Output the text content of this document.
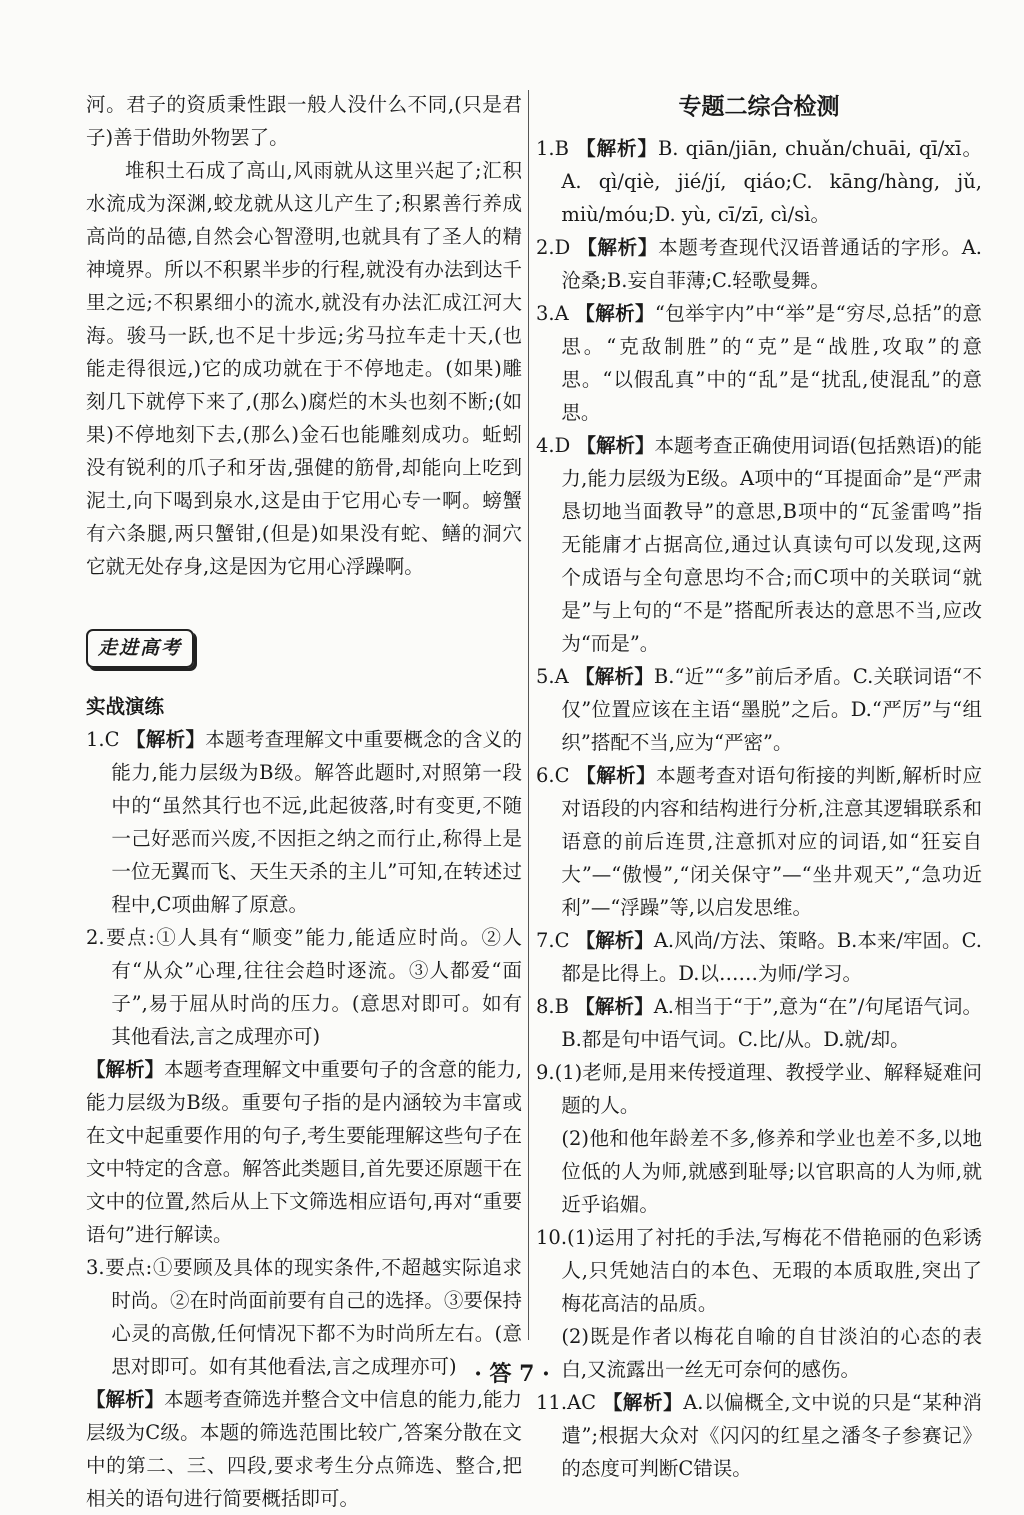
河。君子的资质秉性跟一般人没什么不同,(只是君子)善于借助外物罢了。

堆积土石成了高山,风雨就从这里兴起了;汇积水流成为深渊,蛟龙就从这儿产生了;积累善行养成高尚的品德,自然会心智澄明,也就具有了圣人的精神境界。所以不积累半步的行程,就没有办法到达千里之远;不积累细小的流水,就没有办法汇成江河大海。骏马一跃,也不足十步远;劣马拉车走十天,(也能走得很远,)它的成功就在于不停地走。(如果)雕刻几下就停下来了,(那么)腐烂的木头也刻不断;(如果)不停地刻下去,(那么)金石也能雕刻成功。蚯蚓没有锐利的爪子和牙齿,强健的筋骨,却能向上吃到泥土,向下喝到泉水,这是由于它用心专一啊。螃蟹有六条腿,两只蟹钳,(但是)如果没有蛇、鳝的洞穴它就无处存身,这是因为它用心浮躁啊。

走进高考

实战演练

1.C 【解析】本题考查理解文中重要概念的含义的能力,能力层级为B级。解答此题时,对照第一段中的“虽然其行也不远,此起彼落,时有变更,不随一己好恶而兴废,不因拒之纳之而行止,称得上是一位无翼而飞、天生天杀的主儿”可知,在转述过程中,C项曲解了原意。

2.要点:①人具有“顺变”能力,能适应时尚。②人有“从众”心理,往往会趋时逐流。③人都爱“面子”,易于屈从时尚的压力。(意思对即可。如有其他看法,言之成理亦可)

【解析】本题考查理解文中重要句子的含意的能力,能力层级为B级。重要句子指的是内涵较为丰富或在文中起重要作用的句子,考生要能理解这些句子在文中特定的含意。解答此类题目,首先要还原题干在文中的位置,然后从上下文筛选相应语句,再对“重要语句”进行解读。

3.要点:①要顾及具体的现实条件,不超越实际追求时尚。②在时尚面前要有自己的选择。③要保持心灵的高傲,任何情况下都不为时尚所左右。(意思对即可。如有其他看法,言之成理亦可)

【解析】本题考查筛选并整合文中信息的能力,能力层级为C级。本题的筛选范围比较广,答案分散在文中的第二、三、四段,要求考生分点筛选、整合,把相关的语句进行简要概括即可。

专题二综合检测

1.B 【解析】B. qiān/jiān, chuǎn/chuāi, qī/xī。A. qì/qiè, jié/jí, qiáo;C. kāng/hàng, jǔ, miù/móu;D. yù, cī/zī, cì/sì。

2.D 【解析】本题考查现代汉语普通话的字形。A.沧桑;B.妄自菲薄;C.轻歌曼舞。

3.A 【解析】“包举宇内”中“举”是“穷尽,总括”的意思。“克敌制胜”的“克”是“战胜,攻取”的意思。“以假乱真”中的“乱”是“扰乱,使混乱”的意思。

4.D 【解析】本题考查正确使用词语(包括熟语)的能力,能力层级为E级。A项中的“耳提面命”是“严肃恳切地当面教导”的意思,B项中的“瓦釜雷鸣”指无能庸才占据高位,通过认真读句可以发现,这两个成语与全句意思均不合;而C项中的关联词“就是”与上句的“不是”搭配所表达的意思不当,应改为“而是”。

5.A 【解析】B.“近”“多”前后矛盾。C.关联词语“不仅”位置应该在主语“墨脱”之后。D.“严厉”与“组织”搭配不当,应为“严密”。

6.C 【解析】本题考查对语句衔接的判断,解析时应对语段的内容和结构进行分析,注意其逻辑联系和语意的前后连贯,注意抓对应的词语,如“狂妄自大”—“傲慢”,“闭关保守”—“坐井观天”,“急功近利”—“浮躁”等,以启发思维。

7.C 【解析】A.风尚/方法、策略。B.本来/牢固。C.都是比得上。D.以……为师/学习。

8.B 【解析】A.相当于“于”,意为“在”/句尾语气词。B.都是句中语气词。C.比/从。D.就/却。

9.(1)老师,是用来传授道理、教授学业、解释疑难问题的人。

(2)他和他年龄差不多,修养和学业也差不多,以地位低的人为师,就感到耻辱;以官职高的人为师,就近乎谄媚。

10.(1)运用了衬托的手法,写梅花不借艳丽的色彩诱人,只凭她洁白的本色、无瑕的本质取胜,突出了梅花高洁的品质。

(2)既是作者以梅花自喻的自甘淡泊的心态的表白,又流露出一丝无可奈何的感伤。

11.AC 【解析】A.以偏概全,文中说的只是“某种消遣”;根据大众对《闪闪的红星之潘冬子参赛记》的态度可判断C错误。

· 答 7 ·
